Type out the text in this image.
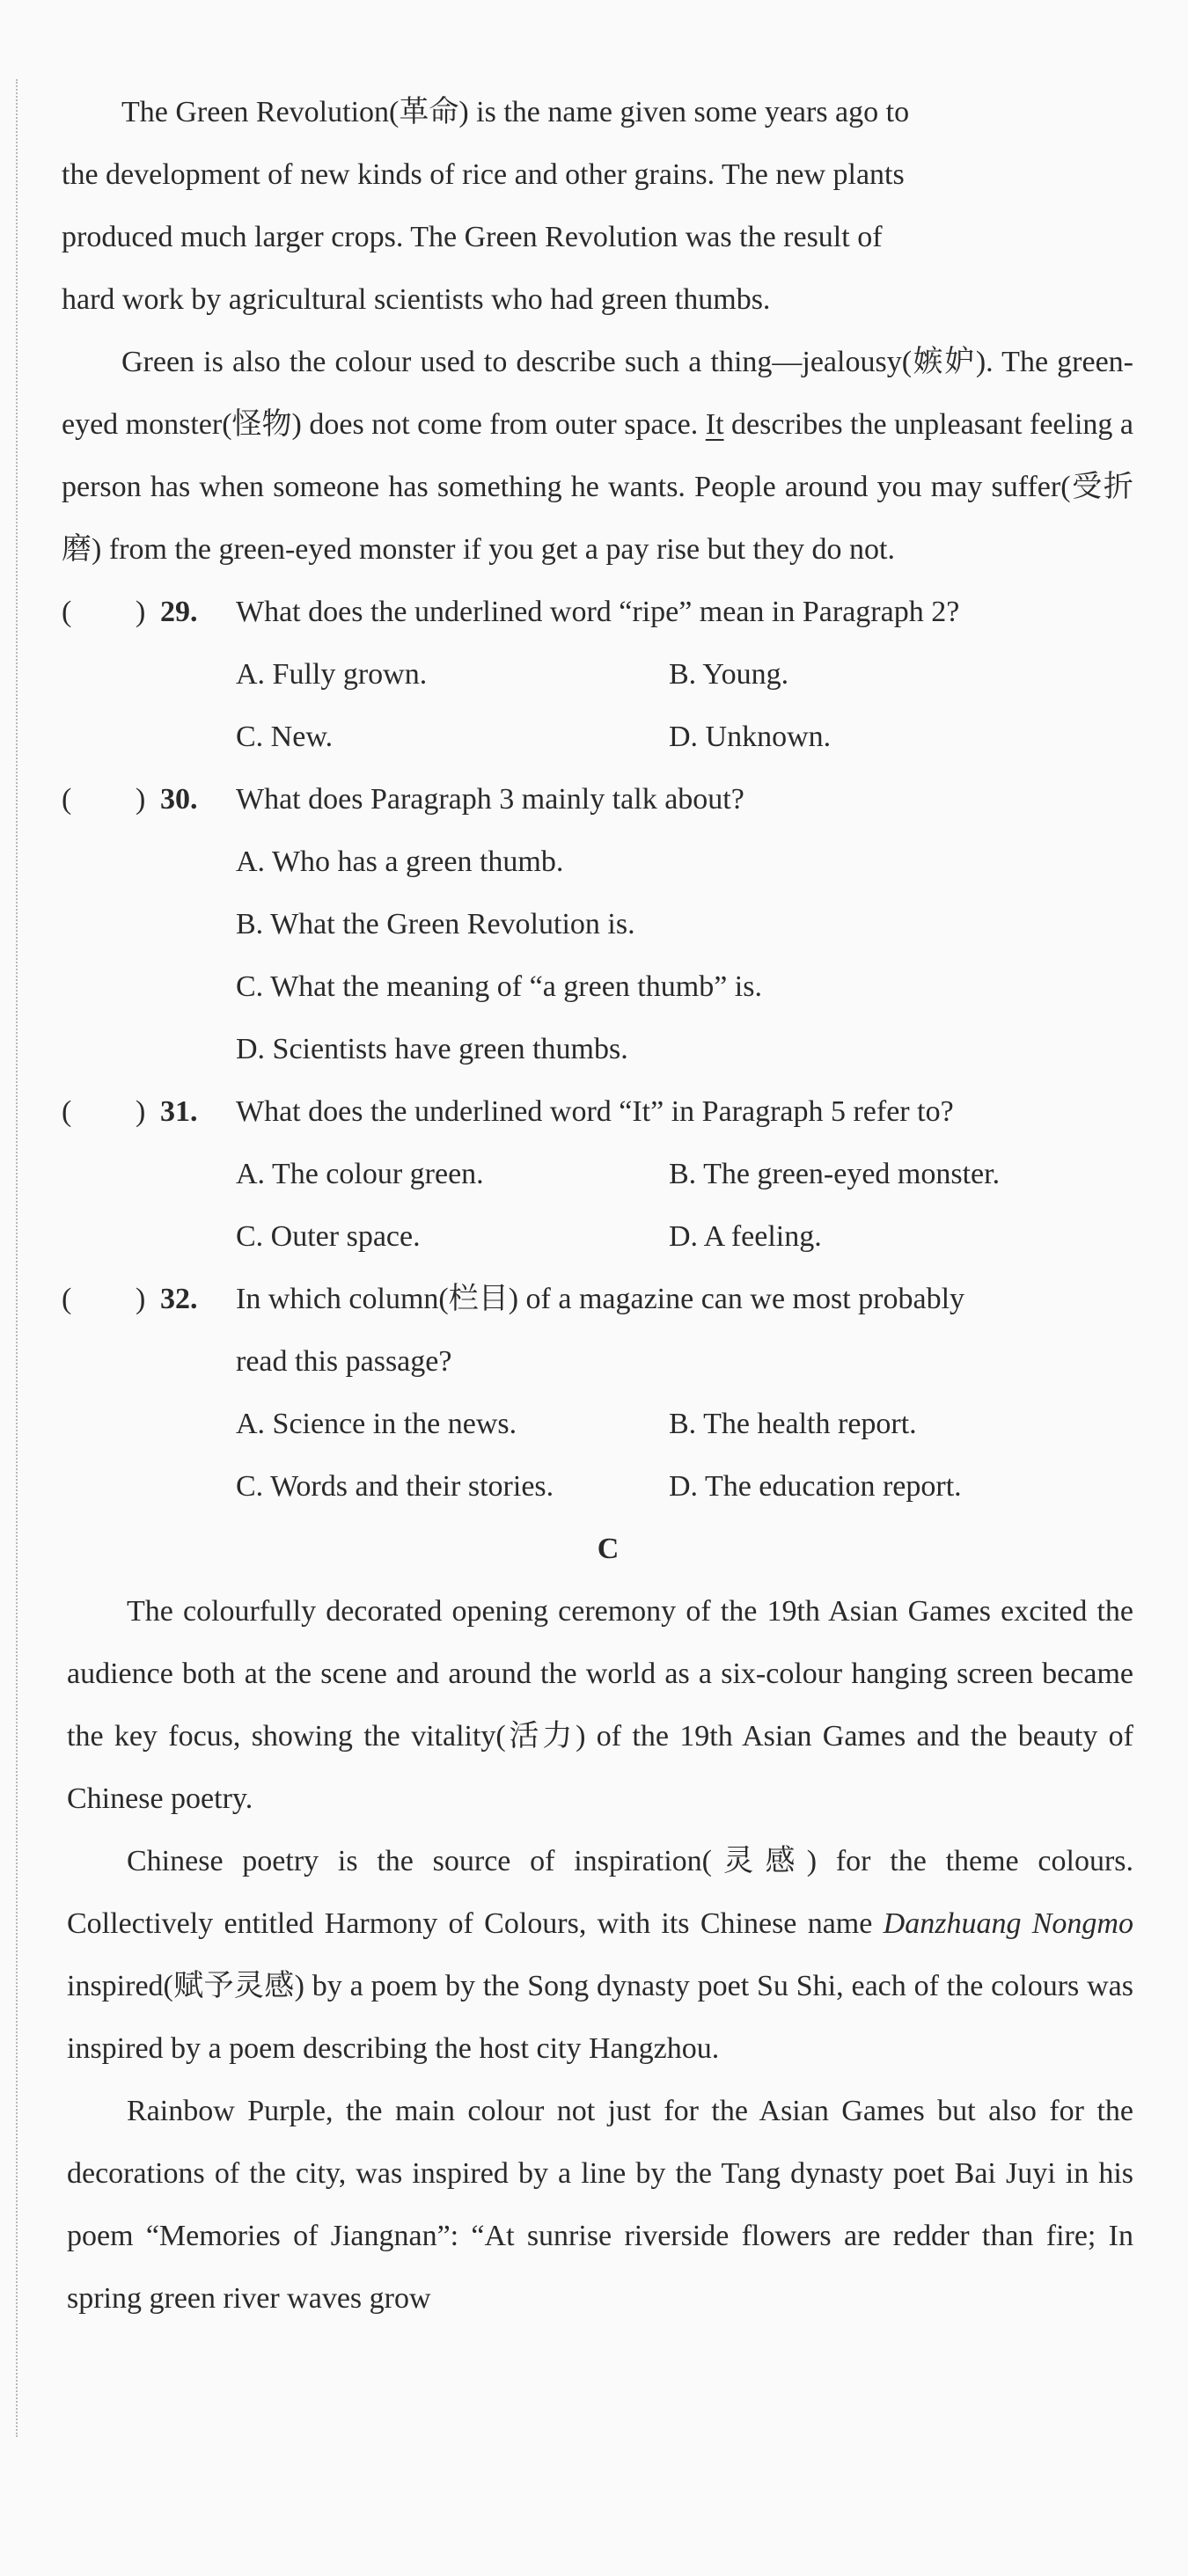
The Green Revolution(革命) is the name given some years ago to
the development of new kinds of rice and other grains. The new plants
produced much larger crops. The Green Revolution was the result of
hard work by agricultural scientists who had green thumbs.

Green is also the colour used to describe such a thing—jealousy(嫉妒). The green-eyed monster(怪物) does not come from outer space. It describes the unpleasant feeling a person has when someone has something he wants. People around you may suffer(受折磨) from the green-eyed monster if you get a pay rise but they do not.

( ) 29. What does the underlined word “ripe” mean in Paragraph 2?
A. Fully grown.	B. Young.
C. New.	D. Unknown.
( ) 30. What does Paragraph 3 mainly talk about?
A. Who has a green thumb.
B. What the Green Revolution is.
C. What the meaning of “a green thumb” is.
D. Scientists have green thumbs.
( ) 31. What does the underlined word “It” in Paragraph 5 refer to?
A. The colour green.	B. The green-eyed monster.
C. Outer space.	D. A feeling.
( ) 32. In which column(栏目) of a magazine can we most probably
read this passage?
A. Science in the news.	B. The health report.
C. Words and their stories.	D. The education report.
C

The colourfully decorated opening ceremony of the 19th Asian Games excited the audience both at the scene and around the world as a six-colour hanging screen became the key focus, showing the vitality(活力) of the 19th Asian Games and the beauty of Chinese poetry.

Chinese poetry is the source of inspiration(灵感) for the theme colours. Collectively entitled Harmony of Colours, with its Chinese name Danzhuang Nongmo inspired(赋予灵感) by a poem by the Song dynasty poet Su Shi, each of the colours was inspired by a poem describing the host city Hangzhou.

Rainbow Purple, the main colour not just for the Asian Games but also for the decorations of the city, was inspired by a line by the Tang dynasty poet Bai Juyi in his poem “Memories of Jiangnan”: “At sunrise riverside flowers are redder than fire; In spring green river waves grow
